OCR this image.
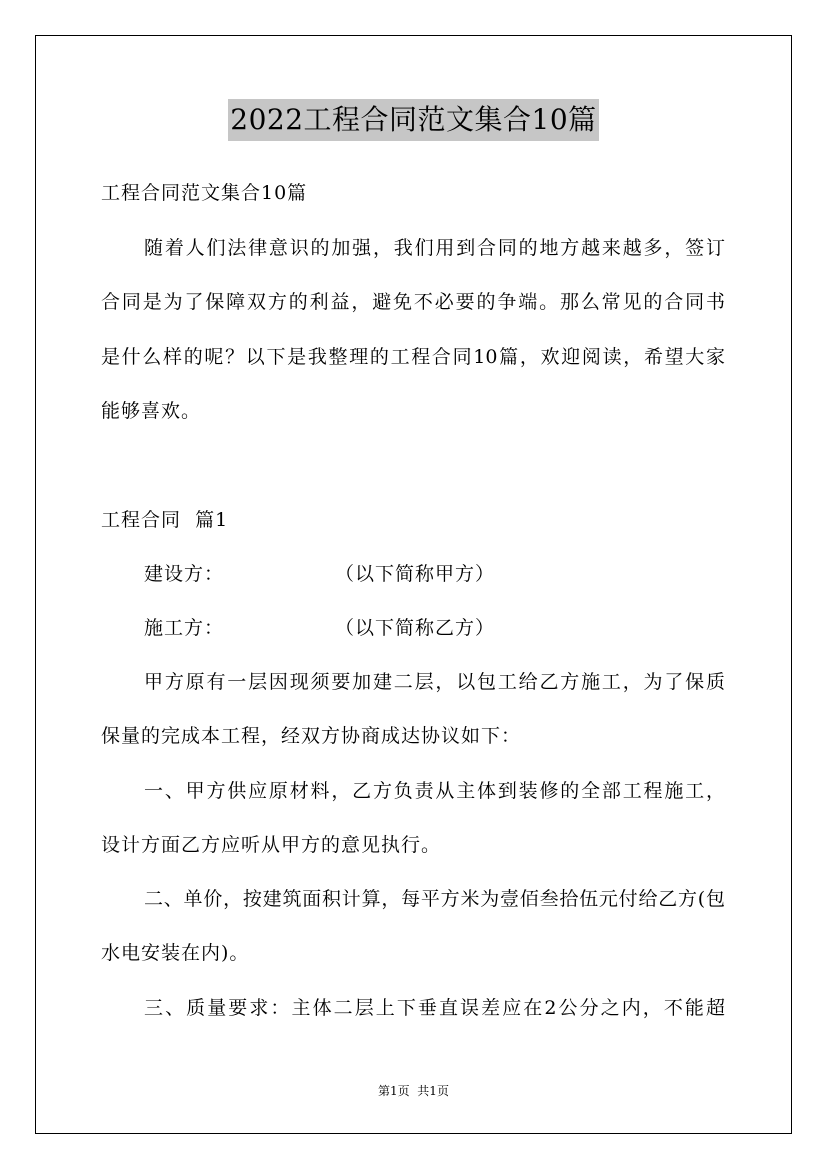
2022工程合同范文集合10篇
工程合同范文集合10篇
随着人们法律意识的加强，我们用到合同的地方越来越多，签订
合同是为了保障双方的利益，避免不必要的争端。那么常见的合同书
是什么样的呢？以下是我整理的工程合同10篇，欢迎阅读，希望大家
能够喜欢。
工程合同  篇1
建设方：	（以下简称甲方）
施工方：	（以下简称乙方）
甲方原有一层因现须要加建二层，以包工给乙方施工，为了保质
保量的完成本工程，经双方协商成达协议如下：
一、甲方供应原材料，乙方负责从主体到装修的全部工程施工，
设计方面乙方应听从甲方的意见执行。
二、单价，按建筑面积计算，每平方米为壹佰叁拾伍元付给乙方(包
水电安装在内)。
三、质量要求：主体二层上下垂直误差应在2公分之内，不能超
第1页  共1页
